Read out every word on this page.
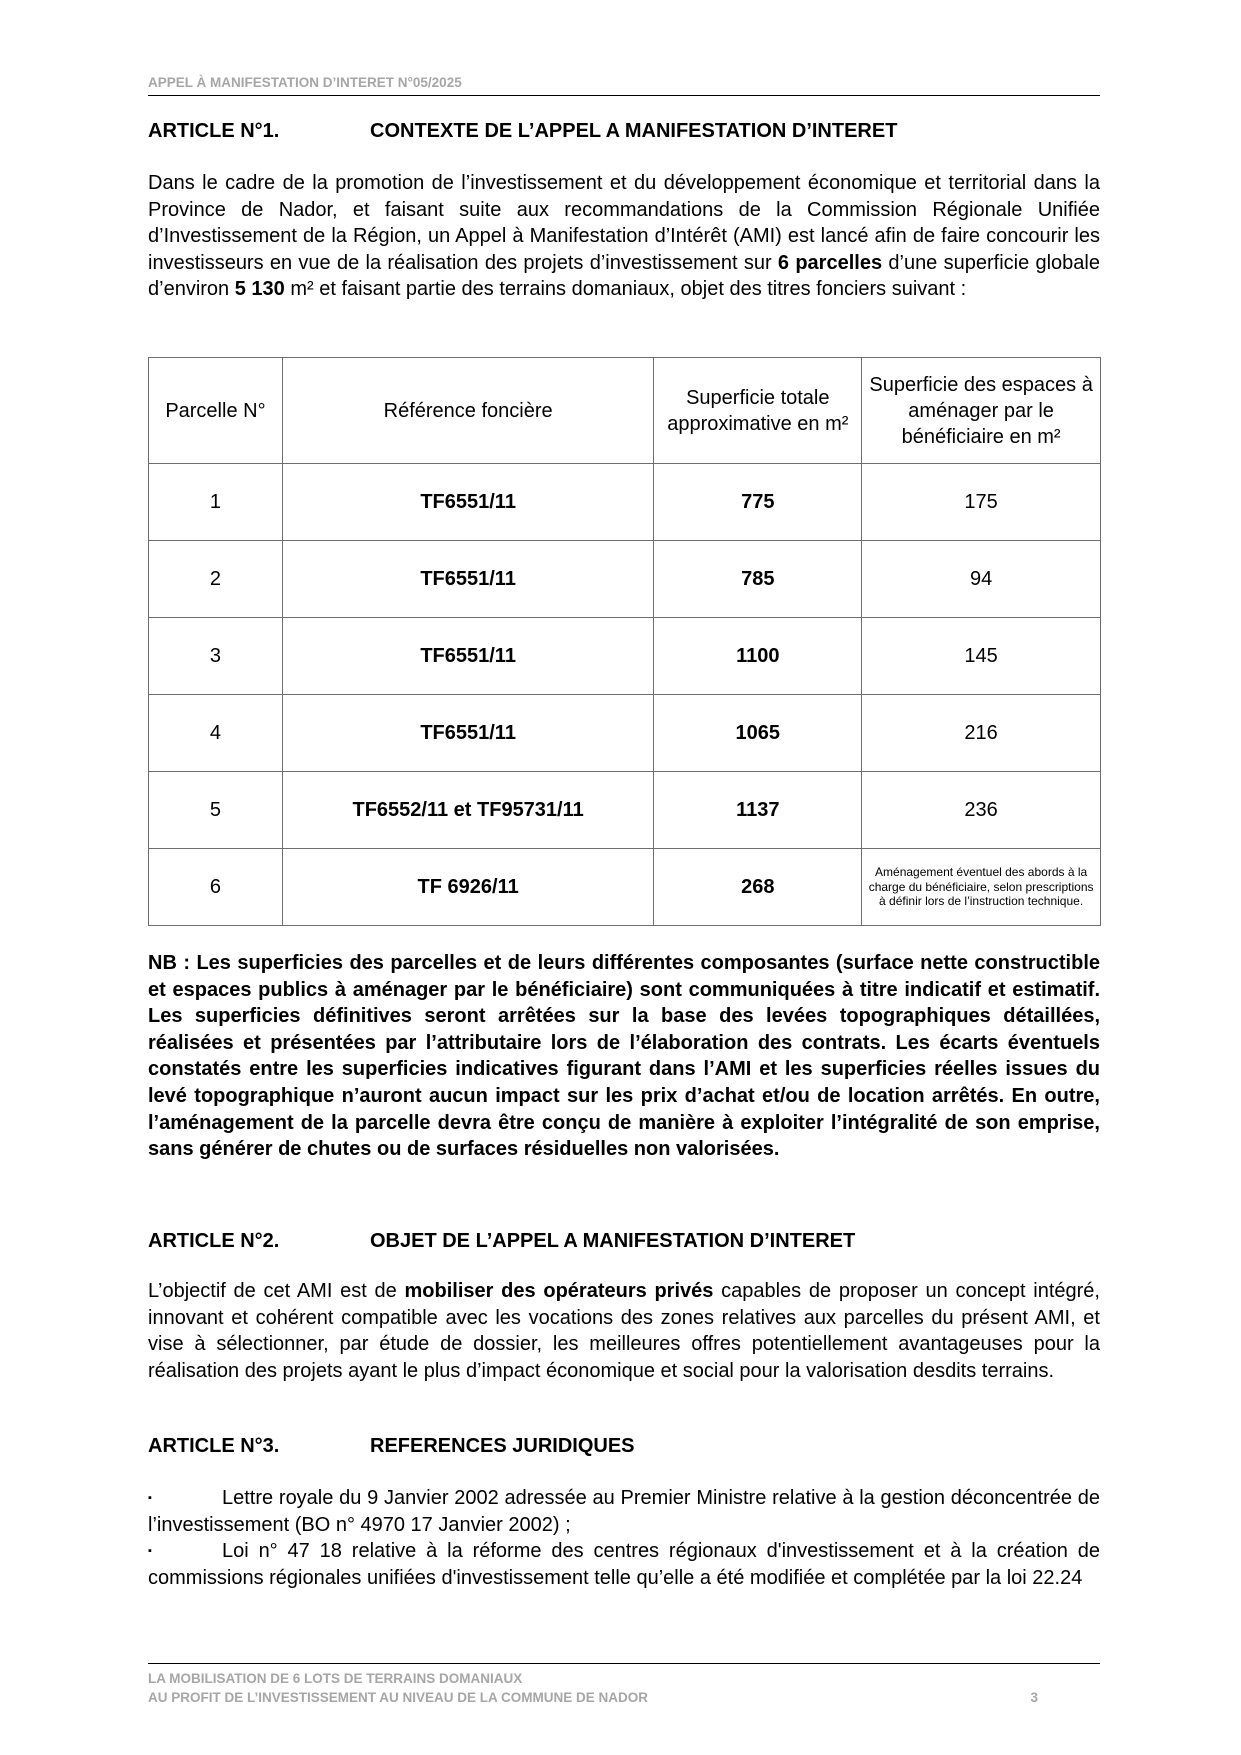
APPEL À MANIFESTATION D’INTERET N°05/2025
ARTICLE N°1.	CONTEXTE DE L’APPEL A MANIFESTATION D’INTERET
Dans le cadre de la promotion de l’investissement et du développement économique et territorial dans la Province de Nador, et faisant suite aux recommandations de la Commission Régionale Unifiée d’Investissement de la Région, un Appel à Manifestation d’Intérêt (AMI) est lancé afin de faire concourir les investisseurs en vue de la réalisation des projets d’investissement sur 6 parcelles d’une superficie globale d’environ 5 130 m² et faisant partie des terrains domaniaux, objet des titres fonciers suivant :
Parcelle N°	Référence foncière	Superficie totale approximative en m²	Superficie des espaces à aménager par le bénéficiaire en m²
1	TF6551/11	775	175
2	TF6551/11	785	94
3	TF6551/11	1100	145
4	TF6551/11	1065	216
5	TF6552/11 et TF95731/11	1137	236
6	TF 6926/11	268	Aménagement éventuel des abords à la charge du bénéficiaire, selon prescriptions à définir lors de l’instruction technique.
NB : Les superficies des parcelles et de leurs différentes composantes (surface nette constructible et espaces publics à aménager par le bénéficiaire) sont communiquées à titre indicatif et estimatif. Les superficies définitives seront arrêtées sur la base des levées topographiques détaillées, réalisées et présentées par l’attributaire lors de l’élaboration des contrats. Les écarts éventuels constatés entre les superficies indicatives figurant dans l’AMI et les superficies réelles issues du levé topographique n’auront aucun impact sur les prix d’achat et/ou de location arrêtés. En outre, l’aménagement de la parcelle devra être conçu de manière à exploiter l’intégralité de son emprise, sans générer de chutes ou de surfaces résiduelles non valorisées.
ARTICLE N°2.	OBJET DE L’APPEL A MANIFESTATION D’INTERET
L’objectif de cet AMI est de mobiliser des opérateurs privés capables de proposer un concept intégré, innovant et cohérent compatible avec les vocations des zones relatives aux parcelles du présent AMI, et vise à sélectionner, par étude de dossier, les meilleures offres potentiellement avantageuses pour la réalisation des projets ayant le plus d’impact économique et social pour la valorisation desdits terrains.
ARTICLE N°3.	REFERENCES JURIDIQUES
▪	Lettre royale du 9 Janvier 2002 adressée au Premier Ministre relative à la gestion déconcentrée de l’investissement (BO n° 4970 17 Janvier 2002) ;
▪	Loi n° 47 18 relative à la réforme des centres régionaux d'investissement et à la création de commissions régionales unifiées d'investissement telle qu’elle a été modifiée et complétée par la loi 22.24
LA MOBILISATION DE 6 LOTS DE TERRAINS DOMANIAUX
AU PROFIT DE L’INVESTISSEMENT AU NIVEAU DE LA COMMUNE DE NADOR	3
